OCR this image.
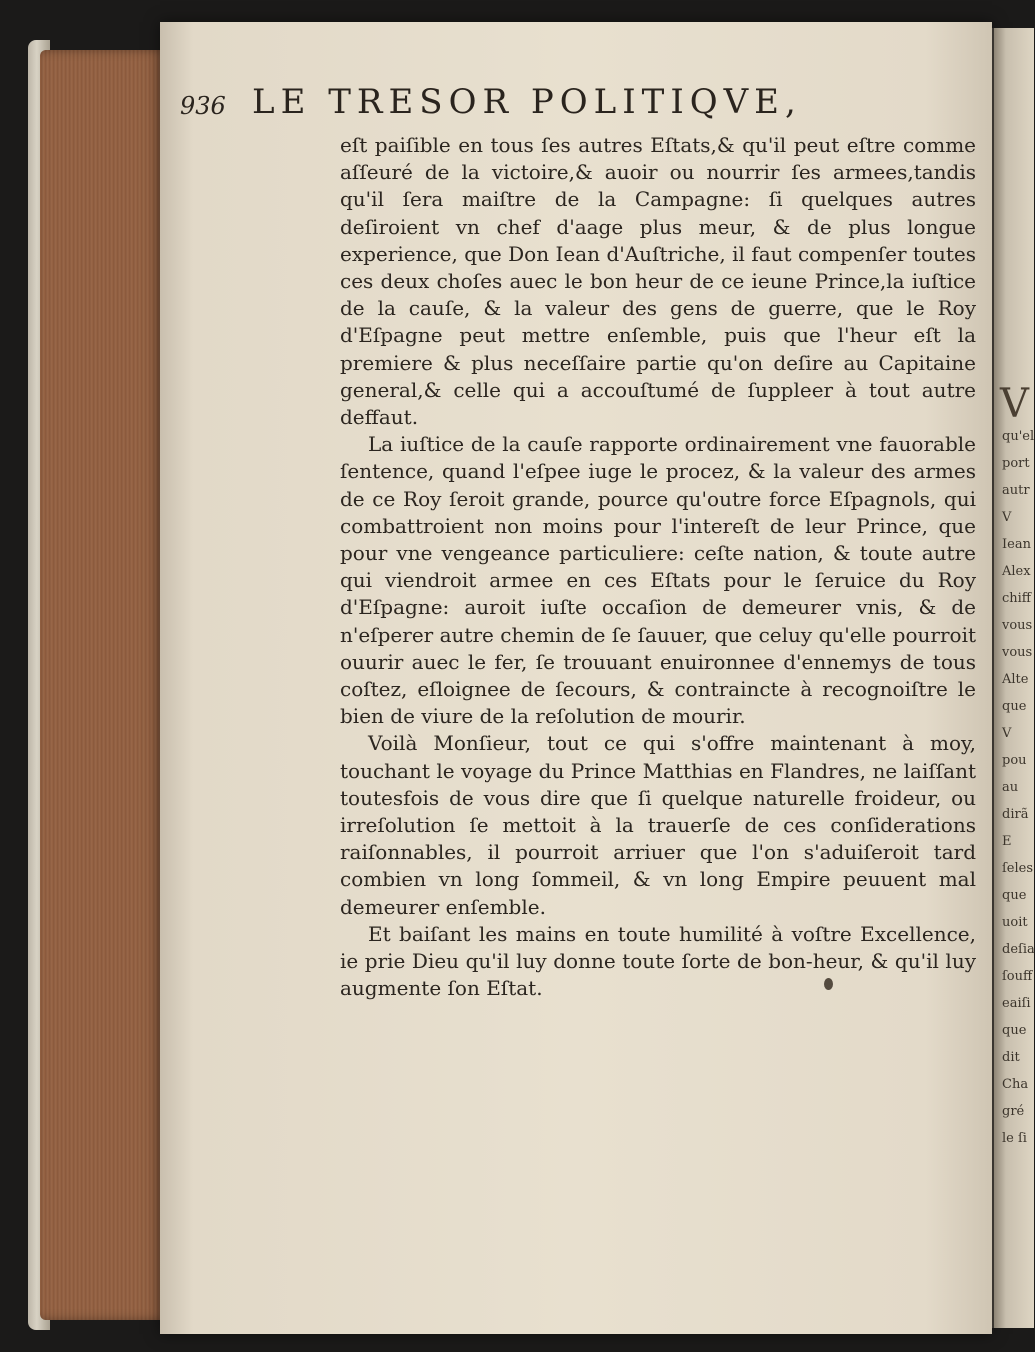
936 LE TRESOR POLITIQVE,

eſt paiſible en tous ſes autres Eſtats,& qu'il peut eſtre comme aſſeuré de la victoire,& auoir ou nourrir ſes armees,tandis qu'il ſera maiſtre de la Campagne: ſi quelques autres deſiroient vn chef d'aage plus meur, & de plus longue experience, que Don Iean d'Auſtriche, il faut compenſer toutes ces deux choſes auec le bon heur de ce ieune Prince,la iuſtice de la cauſe, & la valeur des gens de guerre, que le Roy d'Eſpagne peut mettre enſemble, puis que l'heur eſt la premiere & plus neceſſaire partie qu'on deſire au Capitaine general,& celle qui a accouſtumé de ſuppleer à tout autre deffaut.

La iuſtice de la cauſe rapporte ordinairement vne fauorable ſentence, quand l'eſpee iuge le procez, & la valeur des armes de ce Roy ſeroit grande, pource qu'outre force Eſpagnols, qui combattroient non moins pour l'intereſt de leur Prince, que pour vne vengeance particuliere: ceſte nation, & toute autre qui viendroit armee en ces Eſtats pour le ſeruice du Roy d'Eſpagne: auroit iuſte occaſion de demeurer vnis, & de n'eſperer autre chemin de ſe ſauuer, que celuy qu'elle pourroit ouurir auec le fer, ſe trouuant enuironnee d'ennemys de tous coſtez, eſloignee de ſecours, & contraincte à recognoiſtre le bien de viure de la reſolution de mourir.

Voilà Monſieur, tout ce qui s'offre maintenant à moy, touchant le voyage du Prince Matthias en Flandres, ne laiſſant toutesfois de vous dire que ſi quelque naturelle froideur, ou irreſolution ſe mettoit à la trauerſe de ces conſiderations raiſonnables, il pourroit arriuer que l'on s'aduiſeroit tard combien vn long ſommeil, & vn long Empire peuuent mal demeurer enſemble.

Et baiſant les mains en toute humilité à voſtre Excellence, ie prie Dieu qu'il luy donne toute ſorte de bon-heur, & qu'il luy augmente ſon Eſtat.

V
qu'el
port
autr
V
Iean
Alex
chiff
vous
vous
Alte
que
V
pou
au
dirã
E
ſeles
que
uoit
deſia
ſouff
eaiſi
que
dit
Cha
gré
le ſi
